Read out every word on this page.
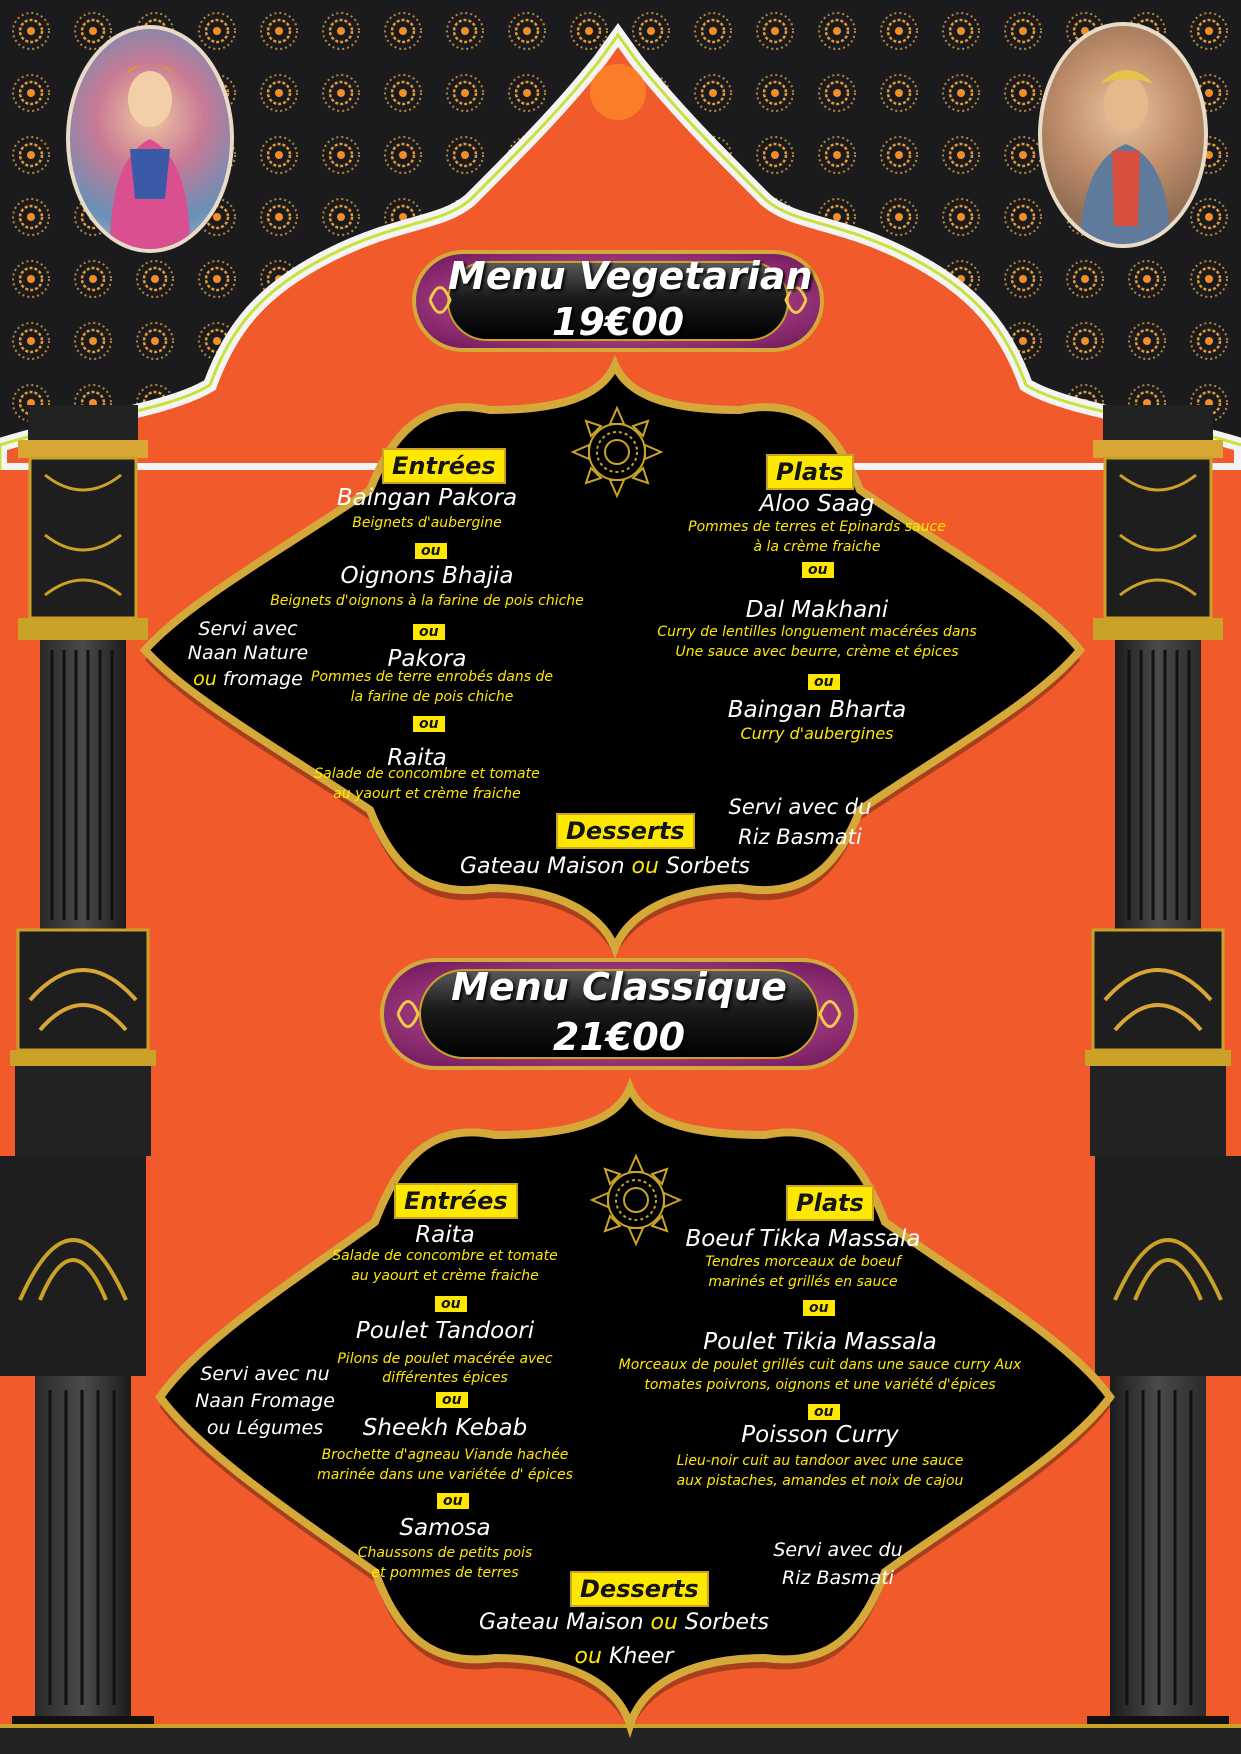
Menu Vegetarian
19€00
Entrées	Plats
Baingan Pakora
Beignets d'aubergine
ou
Oignons Bhajia
Beignets d'oignons à la farine de pois chiche
ou
Pakora
Pommes de terre enrobés dans de
la farine de pois chiche
ou
Raita
Salade de concombre et tomate
au yaourt et crème fraiche
Servi avec
Naan Nature
ou fromage
Aloo Saag
Pommes de terres et Epinards sauce
à la crème fraiche
ou
Dal Makhani
Curry de lentilles longuement macérées dans
Une sauce avec beurre, crème et épices
ou
Baingan Bharta
Curry d'aubergines
Servi avec du
Riz Basmati
Desserts
Gateau Maison ou Sorbets
Menu Classique
21€00
Entrées	Plats
Raita
Salade de concombre et tomate
au yaourt et crème fraiche
ou
Poulet Tandoori
Pilons de poulet macérée avec
différentes épices
ou
Sheekh Kebab
Brochette d'agneau Viande hachée
marinée dans une variétée d' épices
ou
Samosa
Chaussons de petits pois
et pommes de terres
Servi avec nu
Naan Fromage
ou Légumes
Boeuf Tikka Massala
Tendres morceaux de boeuf
marinés et grillés en sauce
ou
Poulet Tikia Massala
Morceaux de poulet grillés cuit dans une sauce curry Aux
tomates poivrons, oignons et une variété d'épices
ou
Poisson Curry
Lieu-noir cuit au tandoor avec une sauce
aux pistaches, amandes et noix de cajou
Servi avec du
Riz Basmati
Desserts
Gateau Maison ou Sorbets
ou Kheer
